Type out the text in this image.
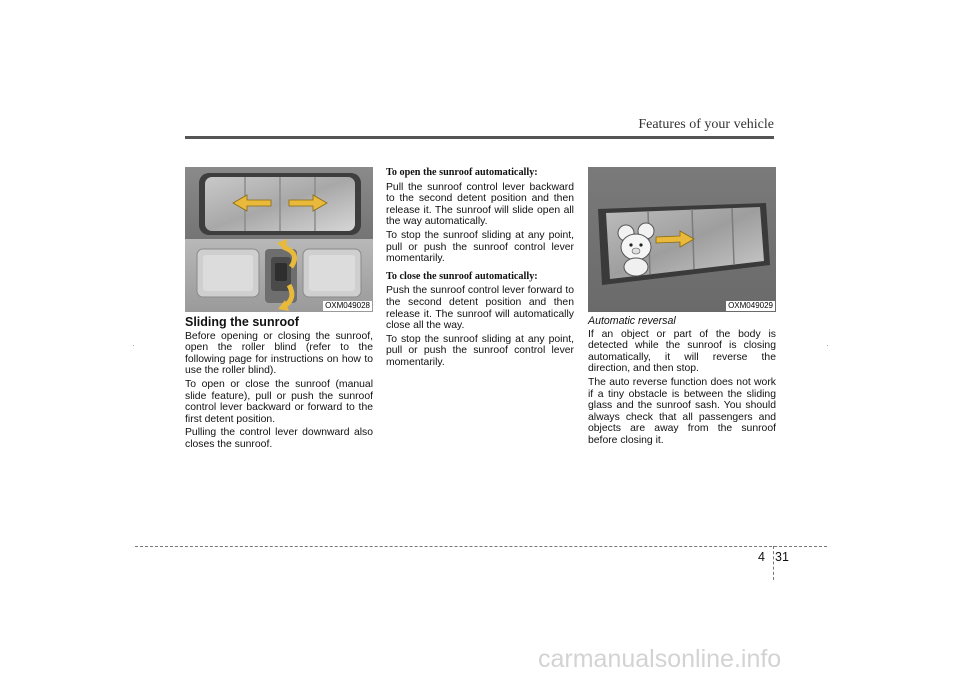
Features of your vehicle
OXM049028
Sliding the sunroof

Before opening or closing the sunroof, open the roller blind (refer to the following page for instructions on how to use the roller blind).

To open or close the sunroof (manual slide feature), pull or push the sunroof control lever backward or forward to the first detent position.

Pulling the control lever downward also closes the sunroof.

To open the sunroof automatically:

Pull the sunroof control lever backward to the second detent position and then release it. The sunroof will slide open all the way automatically.

To stop the sunroof sliding at any point, pull or push the sunroof control lever momentarily.

To close the sunroof automatically:

Push the sunroof control lever forward to the second detent position and then release it. The sunroof will automatically close all the way.

To stop the sunroof sliding at any point, pull or push the sunroof control lever momentarily.

OXM049029
Automatic reversal

If an object or part of the body is detected while the sunroof is closing automatically, it will reverse the direction, and then stop.

The auto reverse function does not work if a tiny obstacle is between the sliding glass and the sunroof sash. You should always check that all passengers and objects are away from the sunroof before closing it.

4 31
carmanualsonline.info
